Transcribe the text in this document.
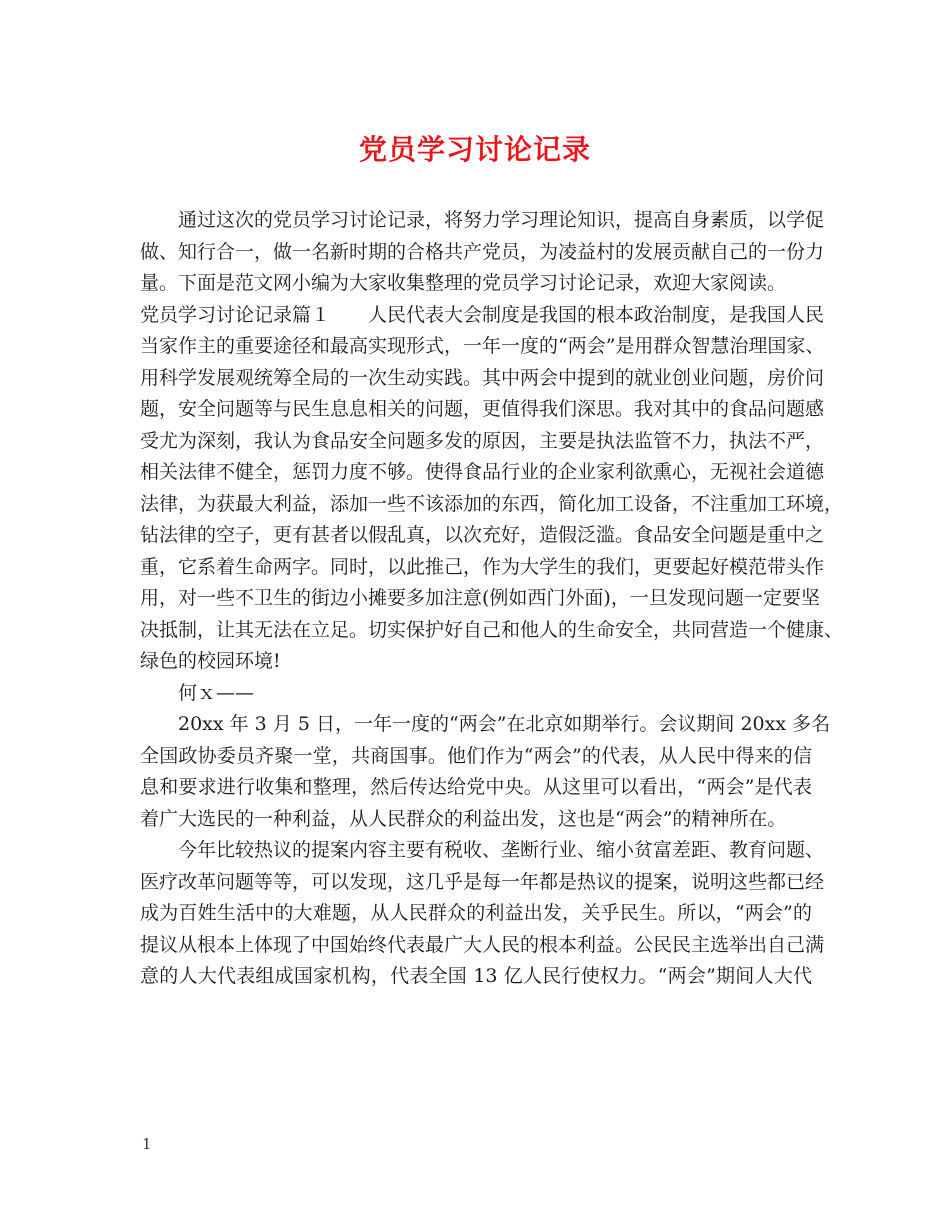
党员学习讨论记录
通过这次的党员学习讨论记录，将努力学习理论知识，提高自身素质，以学促
做、知行合一，做一名新时期的合格共产党员，为凌益村的发展贡献自己的一份力
量。下面是范文网小编为大家收集整理的党员学习讨论记录，欢迎大家阅读。
党员学习讨论记录篇１　　人民代表大会制度是我国的根本政治制度，是我国人民
当家作主的重要途径和最高实现形式，一年一度的“两会”是用群众智慧治理国家、
用科学发展观统筹全局的一次生动实践。其中两会中提到的就业创业问题，房价问
题，安全问题等与民生息息相关的问题，更值得我们深思。我对其中的食品问题感
受尤为深刻，我认为食品安全问题多发的原因，主要是执法监管不力，执法不严，
相关法律不健全，惩罚力度不够。使得食品行业的企业家利欲熏心，无视社会道德
法律，为获最大利益，添加一些不该添加的东西，简化加工设备，不注重加工环境，
钻法律的空子，更有甚者以假乱真，以次充好，造假泛滥。食品安全问题是重中之
重，它系着生命两字。同时，以此推己，作为大学生的我们，更要起好模范带头作
用，对一些不卫生的街边小摊要多加注意(例如西门外面)，一旦发现问题一定要坚
决抵制，让其无法在立足。切实保护好自己和他人的生命安全，共同营造一个健康、
绿色的校园环境!
何ｘ——
20xx 年 3 月 5 日，一年一度的“两会”在北京如期举行。会议期间 20xx 多名
全国政协委员齐聚一堂，共商国事。他们作为“两会”的代表，从人民中得来的信
息和要求进行收集和整理，然后传达给党中央。从这里可以看出，“两会”是代表
着广大选民的一种利益，从人民群众的利益出发，这也是“两会”的精神所在。
今年比较热议的提案内容主要有税收、垄断行业、缩小贫富差距、教育问题、
医疗改革问题等等，可以发现，这几乎是每一年都是热议的提案，说明这些都已经
成为百姓生活中的大难题，从人民群众的利益出发，关乎民生。所以，“两会”的
提议从根本上体现了中国始终代表最广大人民的根本利益。公民民主选举出自己满
意的人大代表组成国家机构，代表全国 13 亿人民行使权力。“两会”期间人大代
1
